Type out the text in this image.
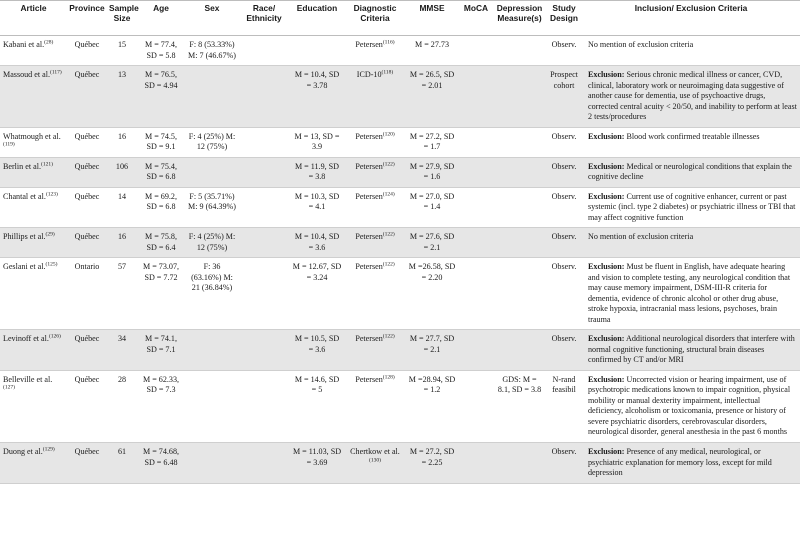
Article	Province	Sample Size	Age	Sex	Race/ Ethnicity	Education	Diagnostic Criteria	MMSE	MoCA	Depression Measure(s)	Study Design	Inclusion/ Exclusion Criteria
Kabani et al.$^{(28)}$	Québec	15	M = 77.4, SD = 5.8	F: 8 (53.33%) M: 7 (46.67%)			Petersen$^{(116)}$	M = 27.73			Observ.	No mention of exclusion criteria
Massoud et al.$^{(117)}$	Québec	13	M = 76.5, SD = 4.94			M = 10.4, SD = 3.78	ICD-10$^{(118)}$	M = 26.5, SD = 2.01			Prospect cohort	Exclusion: Serious chronic medical illness or cancer, CVD, clinical, laboratory work or neuroimaging data suggestive of another cause for dementia, use of psychoactive drugs, corrected central acuity < 20/50, and inability to perform at least 2 tests/procedures
Whatmough et al.$^{(119)}$	Québec	16	M = 74.5, SD = 9.1	F: 4 (25%) M: 12 (75%)		M = 13, SD = 3.9	Petersen$^{(120)}$	M = 27.2, SD = 1.7			Observ.	Exclusion: Blood work confirmed treatable illnesses
Berlin et al.$^{(121)}$	Québec	106	M = 75.4, SD = 6.8			M = 11.9, SD = 3.8	Petersen$^{(122)}$	M = 27.9, SD = 1.6			Observ.	Exclusion: Medical or neurological conditions that explain the cognitive decline
Chantal et al.$^{(123)}$	Québec	14	M = 69.2, SD = 6.8	F: 5 (35.71%) M: 9 (64.39%)		M = 10.3, SD = 4.1	Petersen$^{(124)}$	M = 27.0, SD = 1.4			Observ.	Exclusion: Current use of cognitive enhancer, current or past systemic (incl. type 2 diabetes) or psychiatric illness or TBI that may affect cognitive function
Phillips et al.$^{(29)}$	Québec	16	M = 75.8, SD = 6.4	F: 4 (25%) M: 12 (75%)		M = 10.4, SD = 3.6	Petersen$^{(122)}$	M = 27.6, SD = 2.1			Observ.	No mention of exclusion criteria
Geslani et al.$^{(125)}$	Ontario	57	M = 73.07, SD = 7.72	F: 36 (63.16%) M: 21 (36.84%)		M = 12.67, SD = 3.24	Petersen$^{(122)}$	M =26.58, SD = 2.20			Observ.	Exclusion: Must be fluent in English, have adequate hearing and vision to complete testing, any neurological condition that may cause memory impairment, DSM-III-R criteria for dementia, evidence of chronic alcohol or other drug abuse, stroke hypoxia, intracranial mass lesions, psychoses, brain trauma
Levinoff et al.$^{(126)}$	Québec	34	M = 74.1, SD = 7.1			M = 10.5, SD = 3.6	Petersen$^{(122)}$	M = 27.7, SD = 2.1			Observ.	Exclusion: Additional neurological disorders that interfere with normal cognitive functioning, structural brain diseases confirmed by CT and/or MRI
Belleville et al.$^{(127)}$	Québec	28	M = 62.33, SD = 7.3			M = 14.6, SD = 5	Petersen$^{(128)}$	M =28.94, SD = 1.2		GDS: M = 8.1, SD = 3.8	N-rand feasibil	Exclusion: Uncorrected vision or hearing impairment, use of psychotropic medications known to impair cognition, physical mobility or manual dexterity impairment, intellectual deficiency, alcoholism or toxicomania, presence or history of severe psychiatric disorders, cerebrovascular disorders, neurological disorder, general anesthesia in the past 6 months
Duong et al.$^{(129)}$	Québec	61	M = 74.68, SD = 6.48			M = 11.03, SD = 3.69	Chertkow et al.$^{(130)}$	M = 27.2, SD = 2.25			Observ.	Exclusion: Presence of any medical, neurological, or psychiatric explanation for memory loss, except for mild depression
